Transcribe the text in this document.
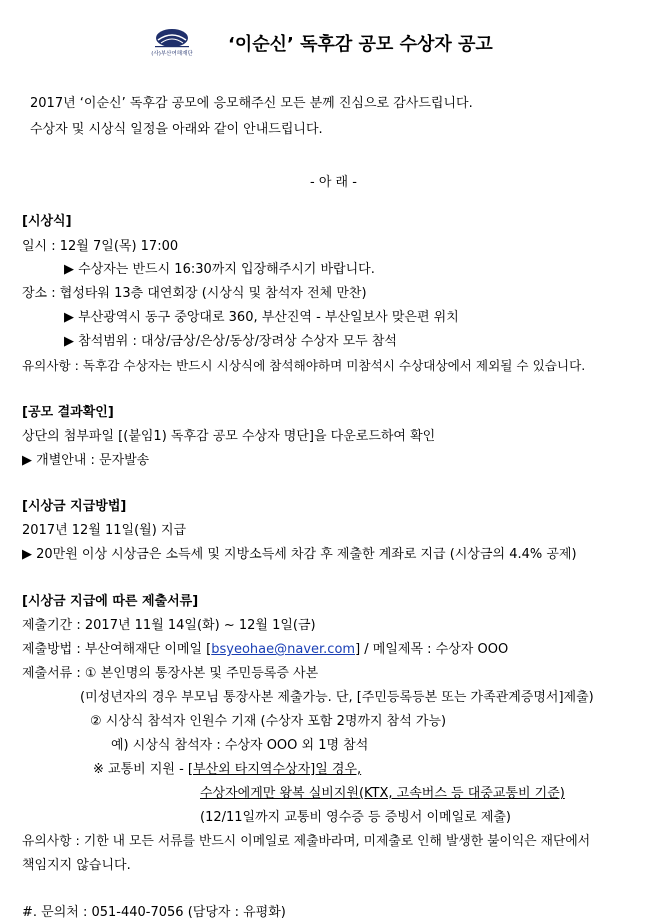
(사)부산여해재단 ‘이순신’ 독후감 공모 수상자 공고
2017년 ‘이순신’ 독후감 공모에 응모해주신 모든 분께 진심으로 감사드립니다.
수상자 및 시상식 일정을 아래와 같이 안내드립니다.
- 아 래 -
[시상식]
일시 : 12월 7일(목) 17:00
▶ 수상자는 반드시 16:30까지 입장해주시기 바랍니다.
장소 : 협성타워 13층 대연회장 (시상식 및 참석자 전체 만찬)
▶ 부산광역시 동구 중앙대로 360, 부산진역 - 부산일보사 맞은편 위치
▶ 참석범위 : 대상/금상/은상/동상/장려상 수상자 모두 참석
유의사항 : 독후감 수상자는 반드시 시상식에 참석해야하며 미참석시 수상대상에서 제외될 수 있습니다.
[공모 결과확인]
상단의 첨부파일 [(붙임1) 독후감 공모 수상자 명단]을 다운로드하여 확인
▶ 개별안내 : 문자발송
[시상금 지급방법]
2017년 12월 11일(월) 지급
▶ 20만원 이상 시상금은 소득세 및 지방소득세 차감 후 제출한 계좌로 지급 (시상금의 4.4% 공제)
[시상금 지급에 따른 제출서류]
제출기간 : 2017년 11월 14일(화) ~ 12월 1일(금)
제출방법 : 부산여해재단 이메일 [bsyeohae@naver.com] / 메일제목 : 수상자 OOO
제출서류 : ① 본인명의 통장사본 및 주민등록증 사본
(미성년자의 경우 부모님 통장사본 제출가능. 단, [주민등록등본 또는 가족관계증명서]제출)
② 시상식 참석자 인원수 기재 (수상자 포함 2명까지 참석 가능)
예) 시상식 참석자 : 수상자 OOO 외 1명 참석
※ 교통비 지원 - [부산외 타지역수상자]일 경우,
수상자에게만 왕복 실비지원(KTX, 고속버스 등 대중교통비 기준)
(12/11일까지 교통비 영수증 등 증빙서 이메일로 제출)
유의사항 : 기한 내 모든 서류를 반드시 이메일로 제출바라며, 미제출로 인해 발생한 불이익은 재단에서
책임지지 않습니다.
#. 문의처 : 051-440-7056 (담당자 : 유평화)
